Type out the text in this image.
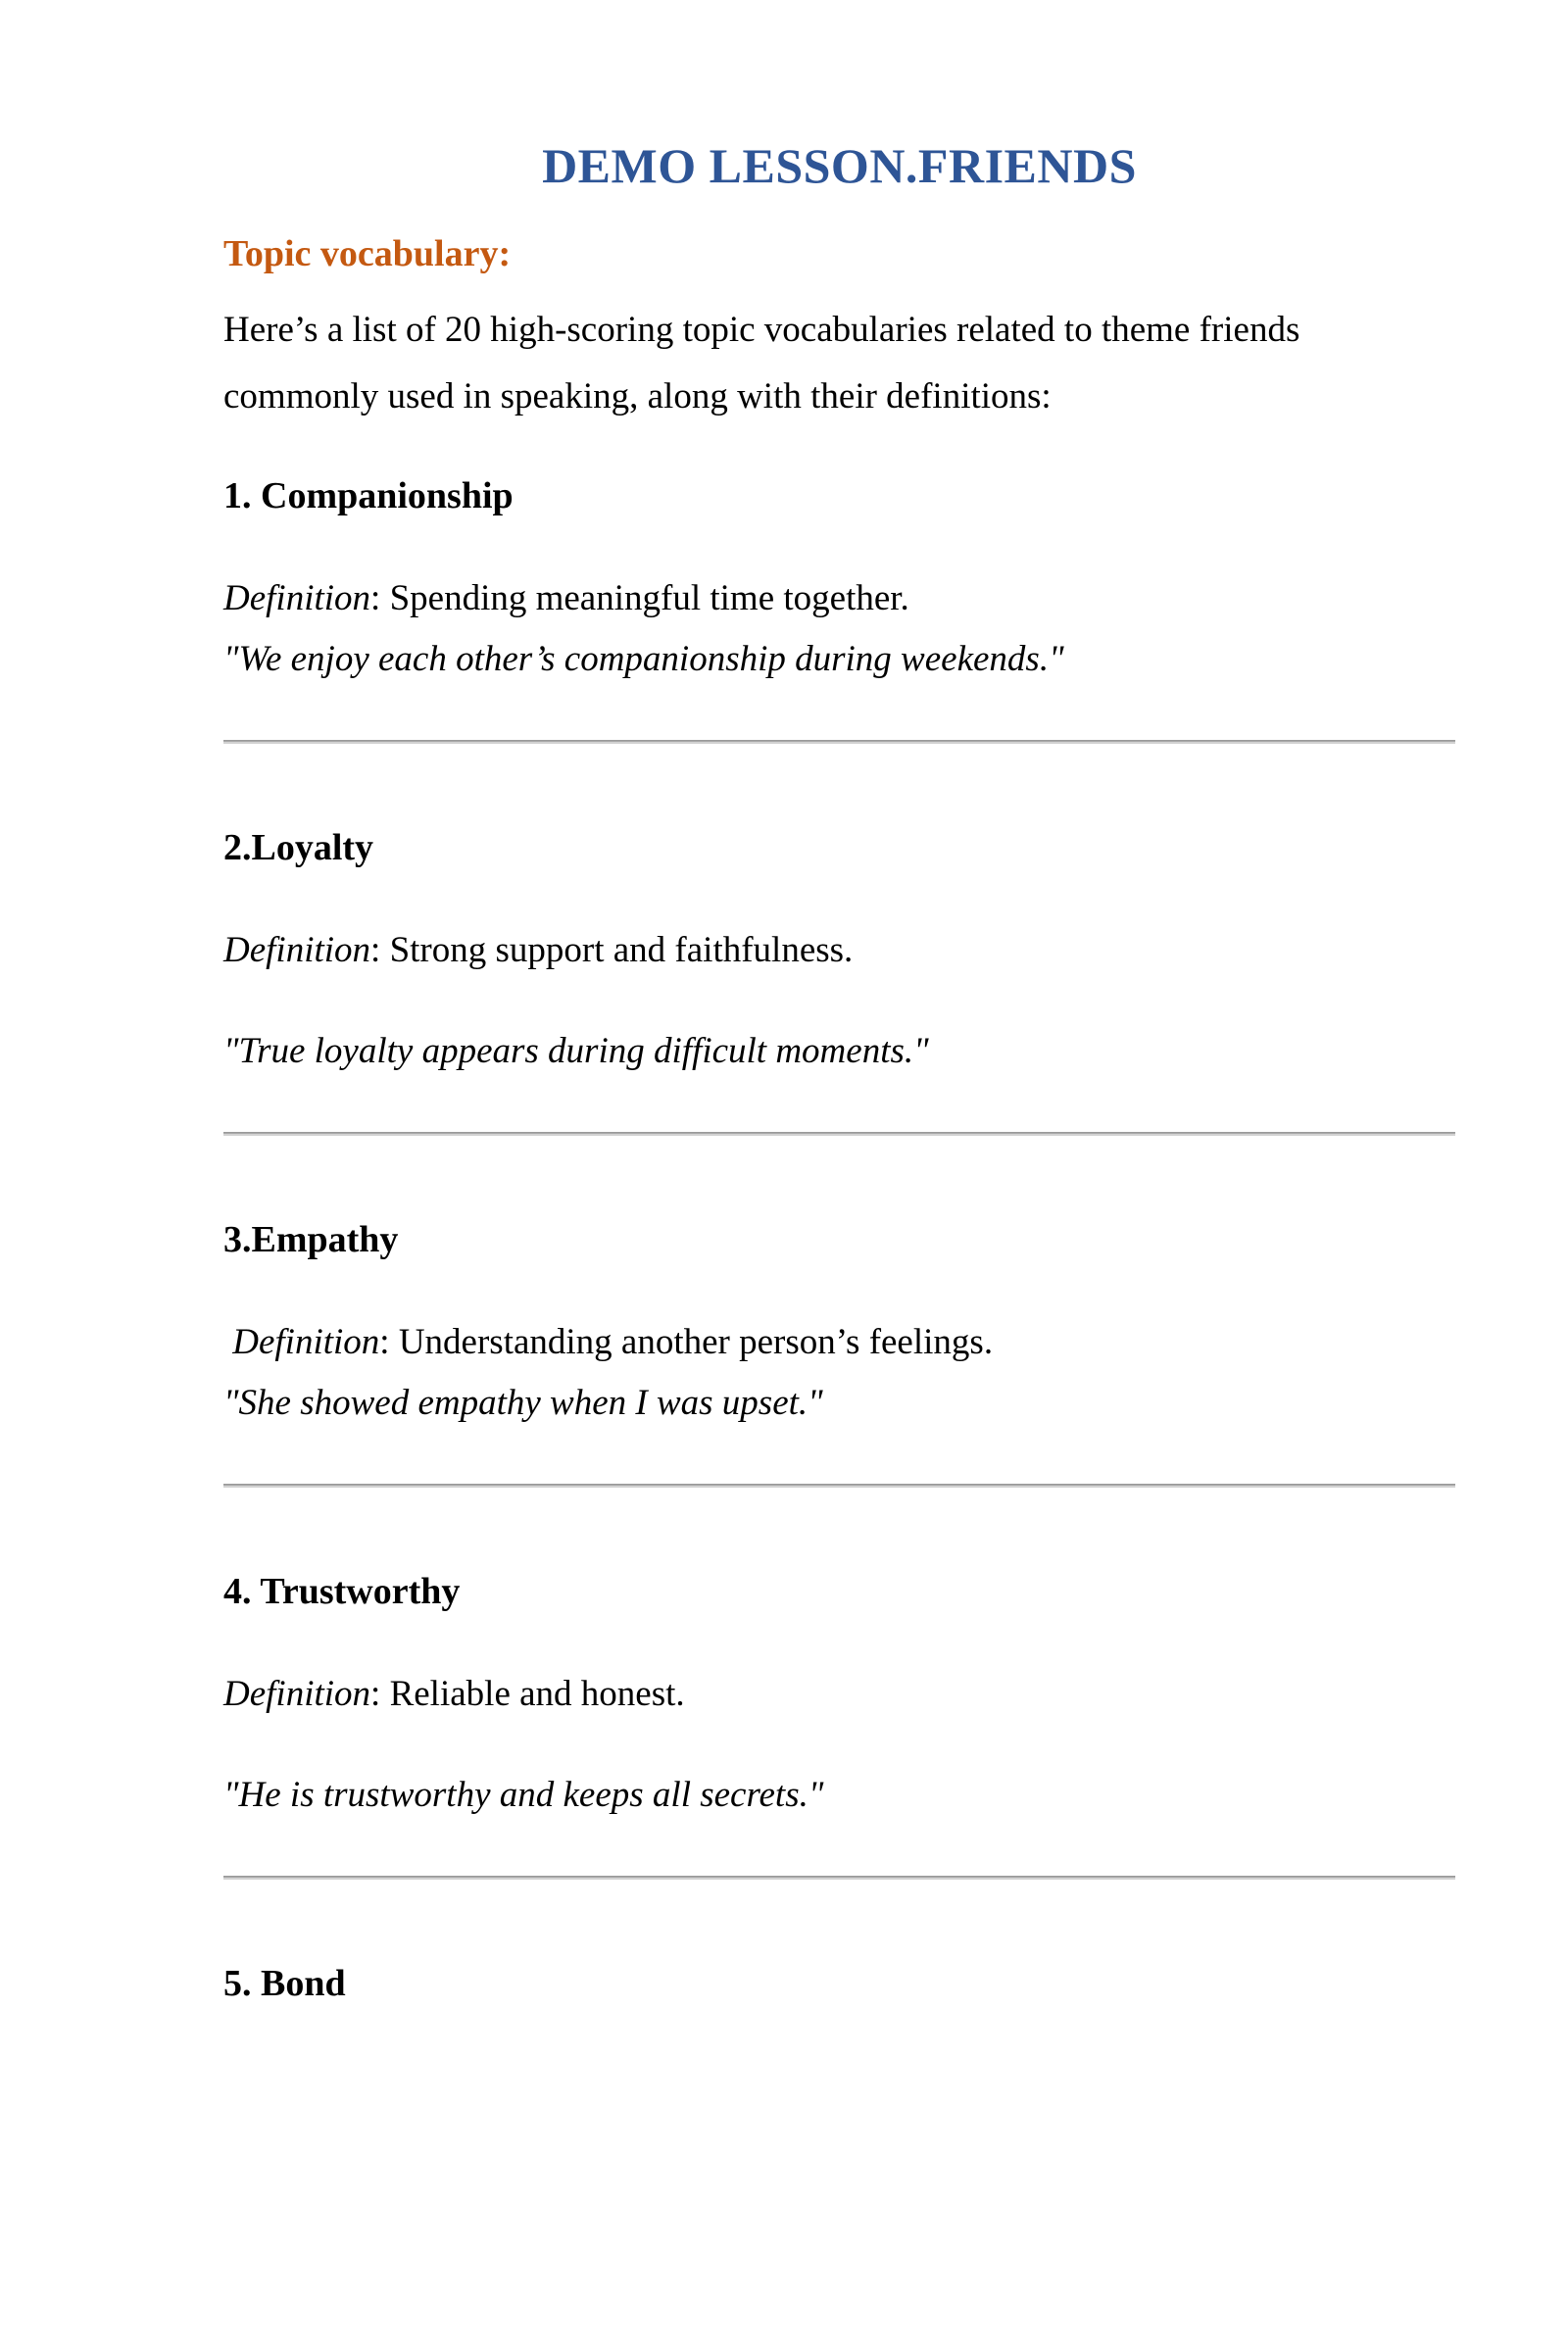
DEMO LESSON.FRIENDS
Topic vocabulary:

Here’s a list of 20 high-scoring topic vocabularies related to theme friends
commonly used in speaking, along with their definitions:

1. Companionship

Definition: Spending meaningful time together.

"We enjoy each other’s companionship during weekends."

2.Loyalty

Definition: Strong support and faithfulness.

"True loyalty appears during difficult moments."

3.Empathy

Definition: Understanding another person’s feelings.

"She showed empathy when I was upset."

4. Trustworthy

Definition: Reliable and honest.

"He is trustworthy and keeps all secrets."

5. Bond
